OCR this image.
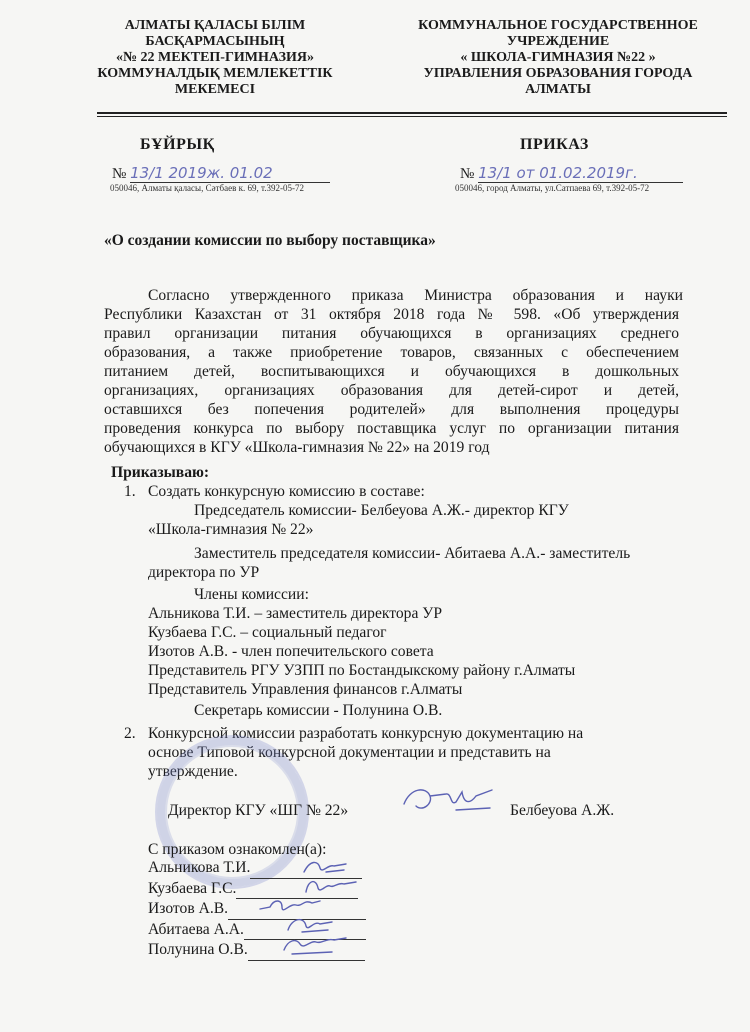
АЛМАТЫ ҚАЛАСЫ БІЛІМ
БАСҚАРМАСЫНЫҢ
«№ 22 МЕКТЕП-ГИМНАЗИЯ»
КОММУНАЛДЫҚ МЕМЛЕКЕТТІК
МЕКЕМЕСІ
КОММУНАЛЬНОЕ ГОСУДАРСТВЕННОЕ
УЧРЕЖДЕНИЕ
« ШКОЛА-ГИМНАЗИЯ №22 »
УПРАВЛЕНИЯ ОБРАЗОВАНИЯ ГОРОДА
АЛМАТЫ
БҰЙРЫҚ	ПРИКАЗ
№ 13/1 2019ж. 01.02
050046, Алматы қаласы, Сәтбаев к. 69, т.392-05-72
№ 13/1 от 01.02.2019г.
050046, город Алматы, ул.Сатпаева 69, т.392-05-72
«О создании комиссии по выбору поставщика»
Согласно утвержденного приказа Министра образования и науки
Республики Казахстан от 31 октября 2018 года № 598. «Об утверждения
правил организации питания обучающихся в организациях среднего
образования, а также приобретение товаров, связанных с обеспечением
питанием детей, воспитывающихся и обучающихся в дошкольных
организациях, организациях образования для детей-сирот и детей,
оставшихся без попечения родителей» для выполнения процедуры
проведения конкурса по выбору поставщика услуг по организации питания
обучающихся в КГУ «Школа-гимназия № 22» на 2019 год
Приказываю:
1. Создать конкурсную комиссию в составе:
Председатель комиссии- Белбеуова А.Ж.- директор КГУ
«Школа-гимназия № 22»
Заместитель председателя комиссии- Абитаева А.А.- заместитель
директора по УР
Члены комиссии:
Альникова Т.И. – заместитель директора УР
Кузбаева Г.С. – социальный педагог
Изотов А.В. - член попечительского совета
Представитель РГУ УЗПП по Бостандыкскому району г.Алматы
Представитель Управления финансов г.Алматы
Секретарь комиссии - Полунина О.В.
2. Конкурсной комиссии разработать конкурсную документацию на
основе Типовой конкурсной документации и представить на
утверждение.
Директор КГУ «ШГ № 22»	Белбеуова А.Ж.
С приказом ознакомлен(а):
Альникова Т.И.
Кузбаева Г.С.
Изотов А.В.
Абитаева А.А.
Полунина О.В.
